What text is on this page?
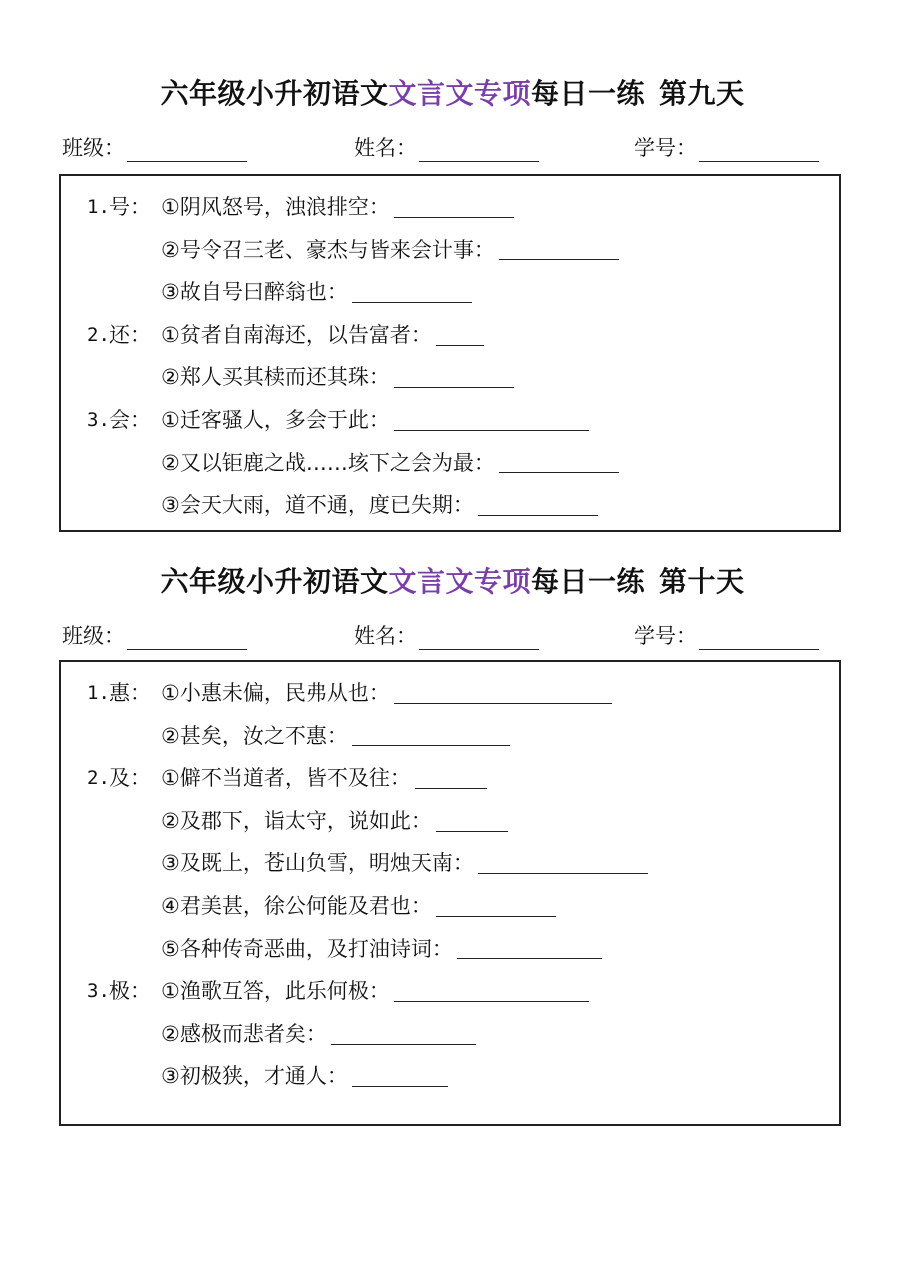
六年级小升初语文文言文专项每日一练 第九天
班级：	姓名：	学号：
1. 号： ①阴风怒号，浊浪排空：
②号令召三老、豪杰与皆来会计事：
③故自号曰醉翁也：
2. 还： ①贫者自南海还，以告富者：
②郑人买其椟而还其珠：
3. 会： ①迁客骚人，多会于此：
②又以钜鹿之战……垓下之会为最：
③会天大雨，道不通，度已失期：
六年级小升初语文文言文专项每日一练 第十天
班级：	姓名：	学号：
1. 惠： ①小惠未偏，民弗从也：
②甚矣，汝之不惠：
2. 及： ①僻不当道者，皆不及往：
②及郡下，诣太守，说如此：
③及既上，苍山负雪，明烛天南：
④君美甚，徐公何能及君也：
⑤各种传奇恶曲，及打油诗词：
3. 极： ①渔歌互答，此乐何极：
②感极而悲者矣：
③初极狭，才通人：
